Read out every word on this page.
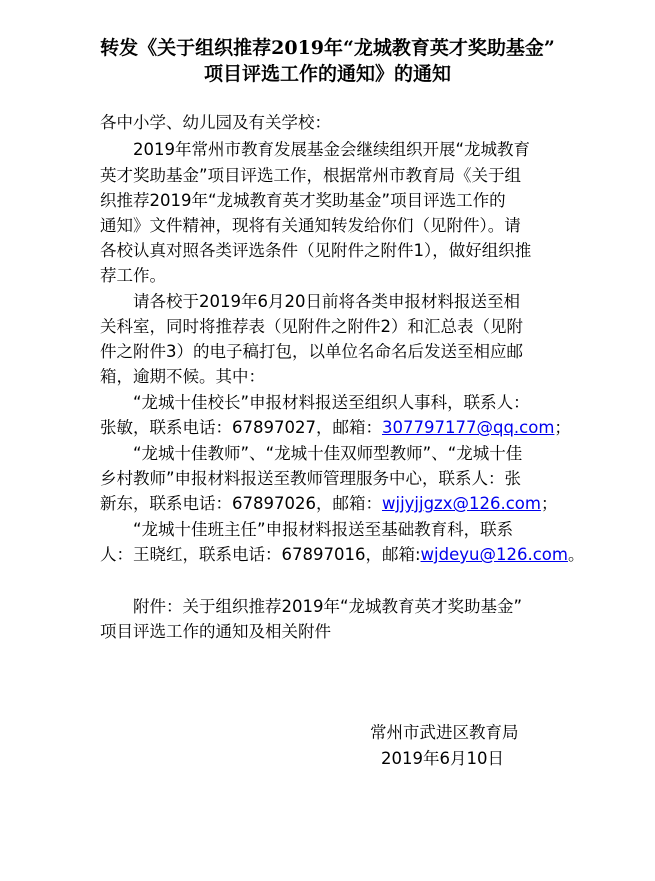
转发《关于组织推荐2019年“龙城教育英才奖助基金”
项目评选工作的通知》的通知
各中小学、幼儿园及有关学校：
2019年常州市教育发展基金会继续组织开展“龙城教育
英才奖助基金”项目评选工作，根据常州市教育局《关于组
织推荐2019年“龙城教育英才奖助基金”项目评选工作的
通知》文件精神，现将有关通知转发给你们（见附件）。请
各校认真对照各类评选条件（见附件之附件1），做好组织推
荐工作。
请各校于2019年6月20日前将各类申报材料报送至相
关科室，同时将推荐表（见附件之附件2）和汇总表（见附
件之附件3）的电子稿打包，以单位名命名后发送至相应邮
箱，逾期不候。其中：
“龙城十佳校长”申报材料报送至组织人事科，联系人：
张敏，联系电话：67897027，邮箱：307797177@qq.com；
“龙城十佳教师”、“龙城十佳双师型教师”、“龙城十佳
乡村教师”申报材料报送至教师管理服务中心，联系人：张
新东，联系电话：67897026，邮箱：wjjyjjgzx@126.com；
“龙城十佳班主任”申报材料报送至基础教育科，联系
人：王晓红，联系电话：67897016，邮箱:wjdeyu@126.com。
附件：关于组织推荐2019年“龙城教育英才奖助基金”
项目评选工作的通知及相关附件
常州市武进区教育局
2019年6月10日
